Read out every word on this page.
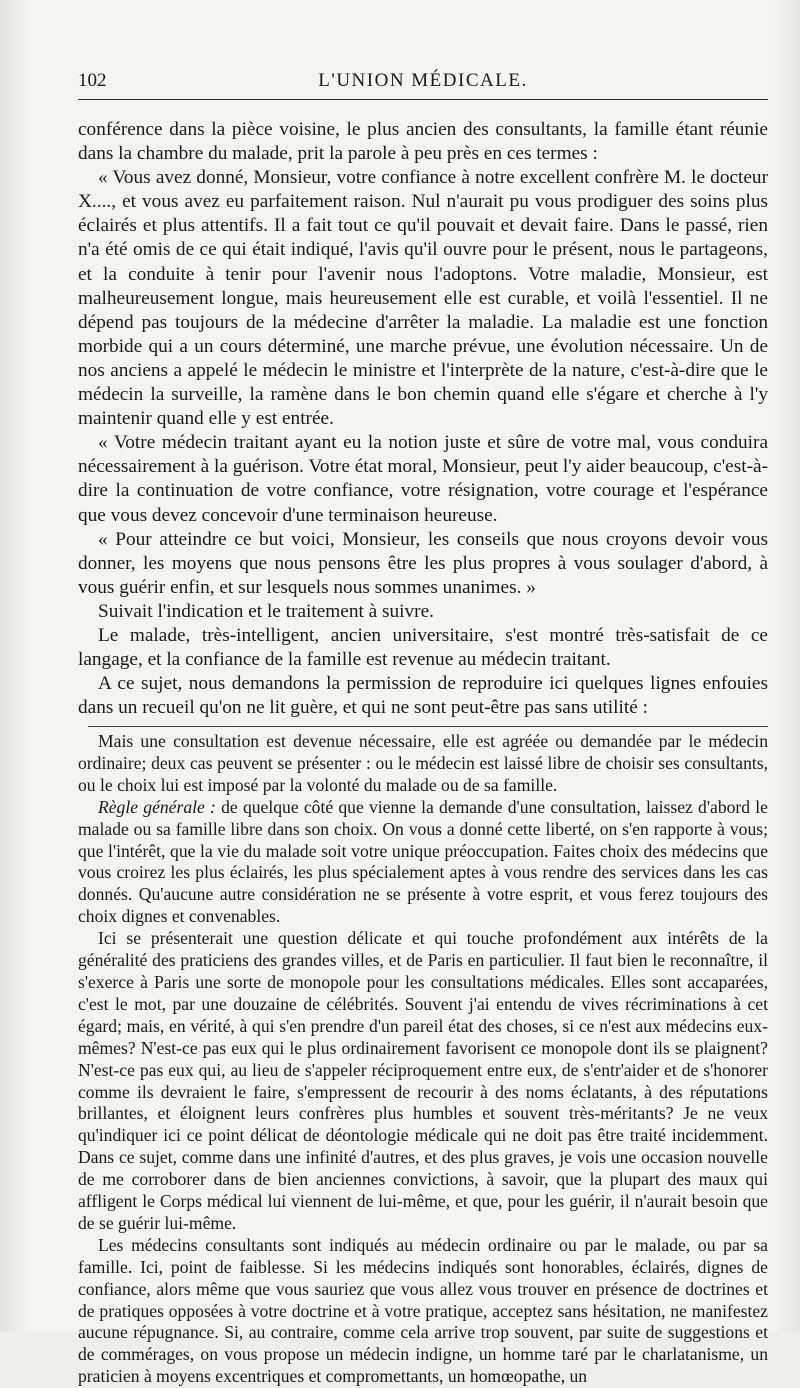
102	L'UNION MÉDICALE.

conférence dans la pièce voisine, le plus ancien des consultants, la famille étant réunie dans la chambre du malade, prit la parole à peu près en ces termes :

« Vous avez donné, Monsieur, votre confiance à notre excellent confrère M. le docteur X...., et vous avez eu parfaitement raison. Nul n'aurait pu vous prodiguer des soins plus éclairés et plus attentifs. Il a fait tout ce qu'il pouvait et devait faire. Dans le passé, rien n'a été omis de ce qui était indiqué, l'avis qu'il ouvre pour le présent, nous le partageons, et la conduite à tenir pour l'avenir nous l'adoptons. Votre maladie, Monsieur, est malheureusement longue, mais heureusement elle est curable, et voilà l'essentiel. Il ne dépend pas toujours de la médecine d'arrêter la maladie. La maladie est une fonction morbide qui a un cours déterminé, une marche prévue, une évolution nécessaire. Un de nos anciens a appelé le médecin le ministre et l'interprète de la nature, c'est-à-dire que le médecin la surveille, la ramène dans le bon chemin quand elle s'égare et cherche à l'y maintenir quand elle y est entrée.

« Votre médecin traitant ayant eu la notion juste et sûre de votre mal, vous conduira nécessairement à la guérison. Votre état moral, Monsieur, peut l'y aider beaucoup, c'est-à-dire la continuation de votre confiance, votre résignation, votre courage et l'espérance que vous devez concevoir d'une terminaison heureuse.

« Pour atteindre ce but voici, Monsieur, les conseils que nous croyons devoir vous donner, les moyens que nous pensons être les plus propres à vous soulager d'abord, à vous guérir enfin, et sur lesquels nous sommes unanimes. »

Suivait l'indication et le traitement à suivre.

Le malade, très-intelligent, ancien universitaire, s'est montré très-satisfait de ce langage, et la confiance de la famille est revenue au médecin traitant.

A ce sujet, nous demandons la permission de reproduire ici quelques lignes enfouies dans un recueil qu'on ne lit guère, et qui ne sont peut-être pas sans utilité :

Mais une consultation est devenue nécessaire, elle est agréée ou demandée par le médecin ordinaire; deux cas peuvent se présenter : ou le médecin est laissé libre de choisir ses consultants, ou le choix lui est imposé par la volonté du malade ou de sa famille.

Règle générale : de quelque côté que vienne la demande d'une consultation, laissez d'abord le malade ou sa famille libre dans son choix. On vous a donné cette liberté, on s'en rapporte à vous; que l'intérêt, que la vie du malade soit votre unique préoccupation. Faites choix des médecins que vous croirez les plus éclairés, les plus spécialement aptes à vous rendre des services dans les cas donnés. Qu'aucune autre considération ne se présente à votre esprit, et vous ferez toujours des choix dignes et convenables.

Ici se présenterait une question délicate et qui touche profondément aux intérêts de la généralité des praticiens des grandes villes, et de Paris en particulier. Il faut bien le reconnaître, il s'exerce à Paris une sorte de monopole pour les consultations médicales. Elles sont accaparées, c'est le mot, par une douzaine de célébrités. Souvent j'ai entendu de vives récriminations à cet égard; mais, en vérité, à qui s'en prendre d'un pareil état des choses, si ce n'est aux médecins eux-mêmes? N'est-ce pas eux qui le plus ordinairement favorisent ce monopole dont ils se plaignent? N'est-ce pas eux qui, au lieu de s'appeler réciproquement entre eux, de s'entr'aider et de s'honorer comme ils devraient le faire, s'empressent de recourir à des noms éclatants, à des réputations brillantes, et éloignent leurs confrères plus humbles et souvent très-méritants? Je ne veux qu'indiquer ici ce point délicat de déontologie médicale qui ne doit pas être traité incidemment. Dans ce sujet, comme dans une infinité d'autres, et des plus graves, je vois une occasion nouvelle de me corroborer dans de bien anciennes convictions, à savoir, que la plupart des maux qui affligent le Corps médical lui viennent de lui-même, et que, pour les guérir, il n'aurait besoin que de se guérir lui-même.

Les médecins consultants sont indiqués au médecin ordinaire ou par le malade, ou par sa famille. Ici, point de faiblesse. Si les médecins indiqués sont honorables, éclairés, dignes de confiance, alors même que vous sauriez que vous allez vous trouver en présence de doctrines et de pratiques opposées à votre doctrine et à votre pratique, acceptez sans hésitation, ne manifestez aucune répugnance. Si, au contraire, comme cela arrive trop souvent, par suite de suggestions et de commérages, on vous propose un médecin indigne, un homme taré par le charlatanisme, un praticien à moyens excentriques et compromettants, un homœopathe, un
